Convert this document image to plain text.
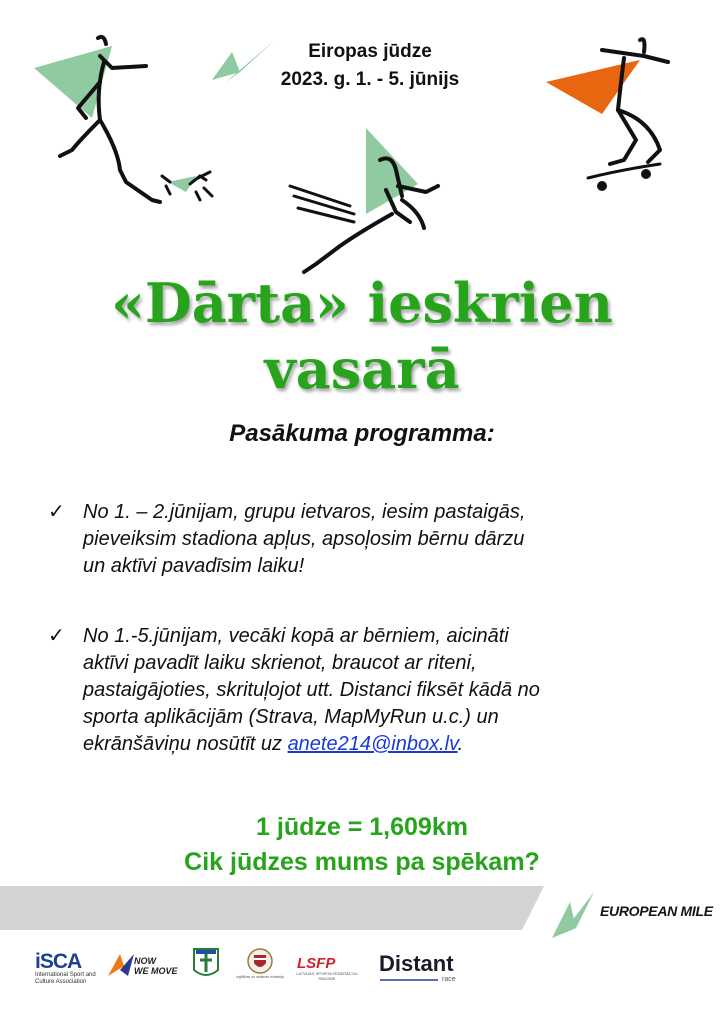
Eiropas jūdze
2023. g. 1. - 5. jūnijs
«Dārta» ieskrien
vasarā
Pasākuma programma:
✓ No 1. – 2.jūnijam, grupu ietvaros, iesim pastaigās,
pieveiksim stadiona apļus, apsoļosim bērnu dārzu
un aktīvi pavadīsim laiku!
✓ No 1.-5.jūnijam, vecāki kopā ar bērniem, aicināti
aktīvi pavadīt laiku skrienot, braucot ar riteni,
pastaigājoties, skrituļojot utt. Distanci fiksēt kādā no
sporta aplikācijām (Strava, MapMyRun u.c.) un
ekrānšāviņu nosūtīt uz anete214@inbox.lv.
1 jūdze = 1,609km
Cik jūdzes mums pa spēkam?
EUROPEAN MILE
iSCA
International Sport and Culture Association
NOW
WE MOVE
Izglītības un zinātnes ministrija
LSFP
LATVIJAS SPORTA FEDERĀCIJU PADOME
Distant
race
